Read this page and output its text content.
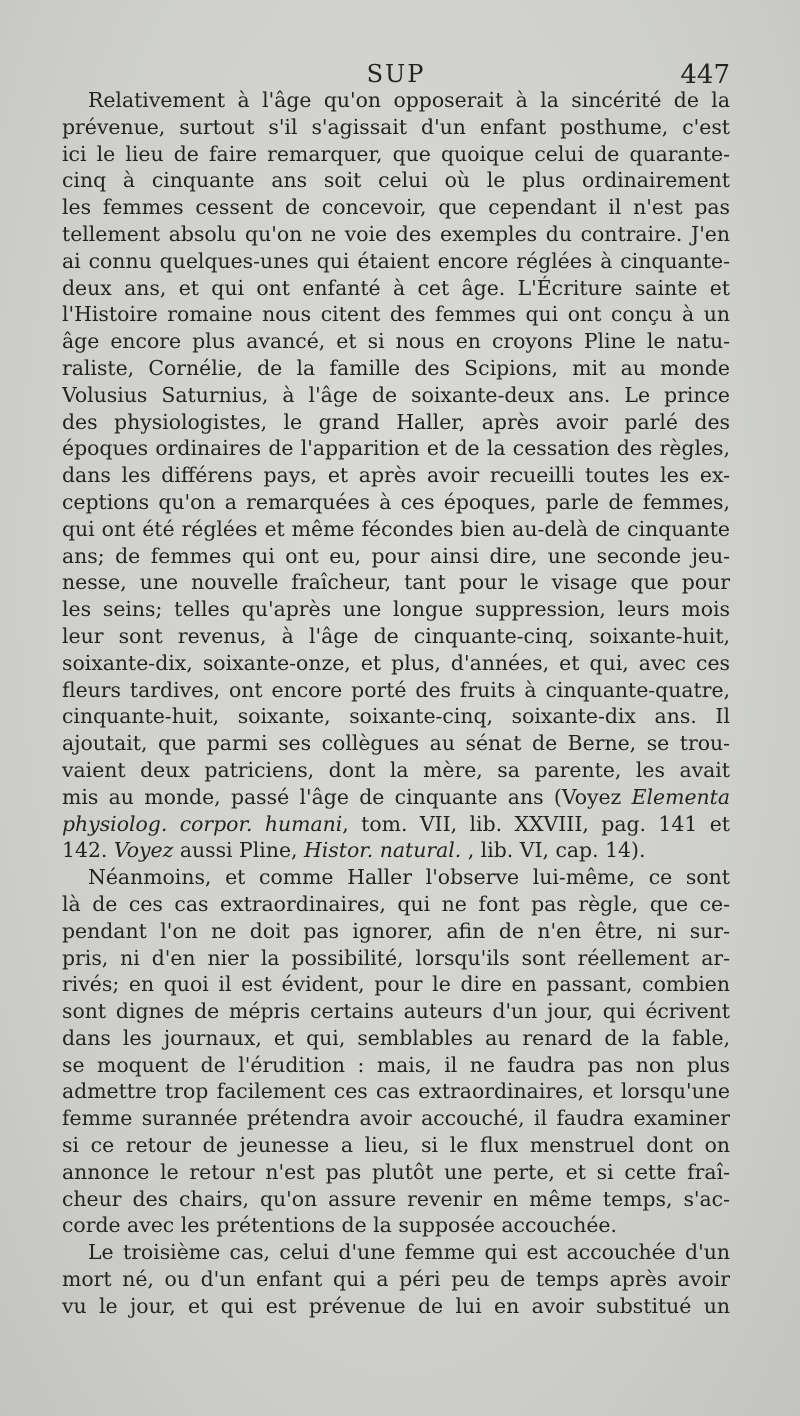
SUP	447
Relativement à l'âge qu'on opposerait à la sincérité de la
prévenue, surtout s'il s'agissait d'un enfant posthume, c'est
ici le lieu de faire remarquer, que quoique celui de quarante-
cinq à cinquante ans soit celui où le plus ordinairement
les femmes cessent de concevoir, que cependant il n'est pas
tellement absolu qu'on ne voie des exemples du contraire. J'en
ai connu quelques-unes qui étaient encore réglées à cinquante-
deux ans, et qui ont enfanté à cet âge. L'Écriture sainte et
l'Histoire romaine nous citent des femmes qui ont conçu à un
âge encore plus avancé, et si nous en croyons Pline le natu-
raliste, Cornélie, de la famille des Scipions, mit au monde
Volusius Saturnius, à l'âge de soixante-deux ans. Le prince
des physiologistes, le grand Haller, après avoir parlé des
époques ordinaires de l'apparition et de la cessation des règles,
dans les différens pays, et après avoir recueilli toutes les ex-
ceptions qu'on a remarquées à ces époques, parle de femmes,
qui ont été réglées et même fécondes bien au-delà de cinquante
ans; de femmes qui ont eu, pour ainsi dire, une seconde jeu-
nesse, une nouvelle fraîcheur, tant pour le visage que pour
les seins; telles qu'après une longue suppression, leurs mois
leur sont revenus, à l'âge de cinquante-cinq, soixante-huit,
soixante-dix, soixante-onze, et plus, d'années, et qui, avec ces
fleurs tardives, ont encore porté des fruits à cinquante-quatre,
cinquante-huit, soixante, soixante-cinq, soixante-dix ans. Il
ajoutait, que parmi ses collègues au sénat de Berne, se trou-
vaient deux patriciens, dont la mère, sa parente, les avait
mis au monde, passé l'âge de cinquante ans (Voyez Elementa
physiolog. corpor. humani, tom. VII, lib. XXVIII, pag. 141 et
142. Voyez aussi Pline, Histor. natural. , lib. VI, cap. 14).
Néanmoins, et comme Haller l'observe lui-même, ce sont
là de ces cas extraordinaires, qui ne font pas règle, que ce-
pendant l'on ne doit pas ignorer, afin de n'en être, ni sur-
pris, ni d'en nier la possibilité, lorsqu'ils sont réellement ar-
rivés; en quoi il est évident, pour le dire en passant, combien
sont dignes de mépris certains auteurs d'un jour, qui écrivent
dans les journaux, et qui, semblables au renard de la fable,
se moquent de l'érudition : mais, il ne faudra pas non plus
admettre trop facilement ces cas extraordinaires, et lorsqu'une
femme surannée prétendra avoir accouché, il faudra examiner
si ce retour de jeunesse a lieu, si le flux menstruel dont on
annonce le retour n'est pas plutôt une perte, et si cette fraî-
cheur des chairs, qu'on assure revenir en même temps, s'ac-
corde avec les prétentions de la supposée accouchée.
Le troisième cas, celui d'une femme qui est accouchée d'un
mort né, ou d'un enfant qui a péri peu de temps après avoir
vu le jour, et qui est prévenue de lui en avoir substitué un
